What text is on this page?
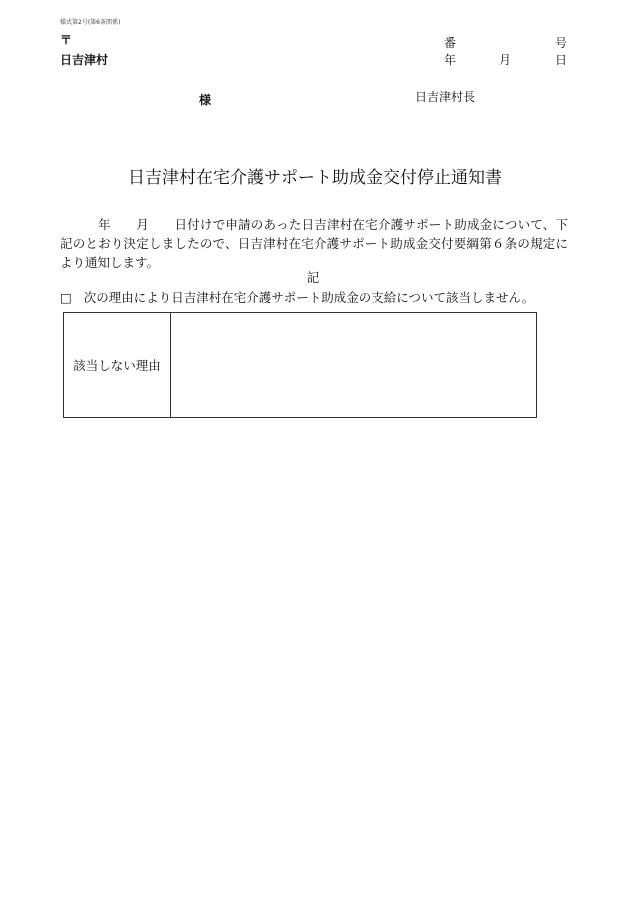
様式第2号(第6条関係)
〒
日吉津村
番	号
年	月	日
様	日吉津村長
日吉津村在宅介護サポート助成金交付停止通知書
　　　年　　月　　日付けで申請のあった日吉津村在宅介護サポート助成金について、下記のとおり決定しましたので、日吉津村在宅介護サポート助成金交付要綱第６条の規定により通知します。
記
□ 次の理由により日吉津村在宅介護サポート助成金の支給について該当しません。
該当しない理由	
